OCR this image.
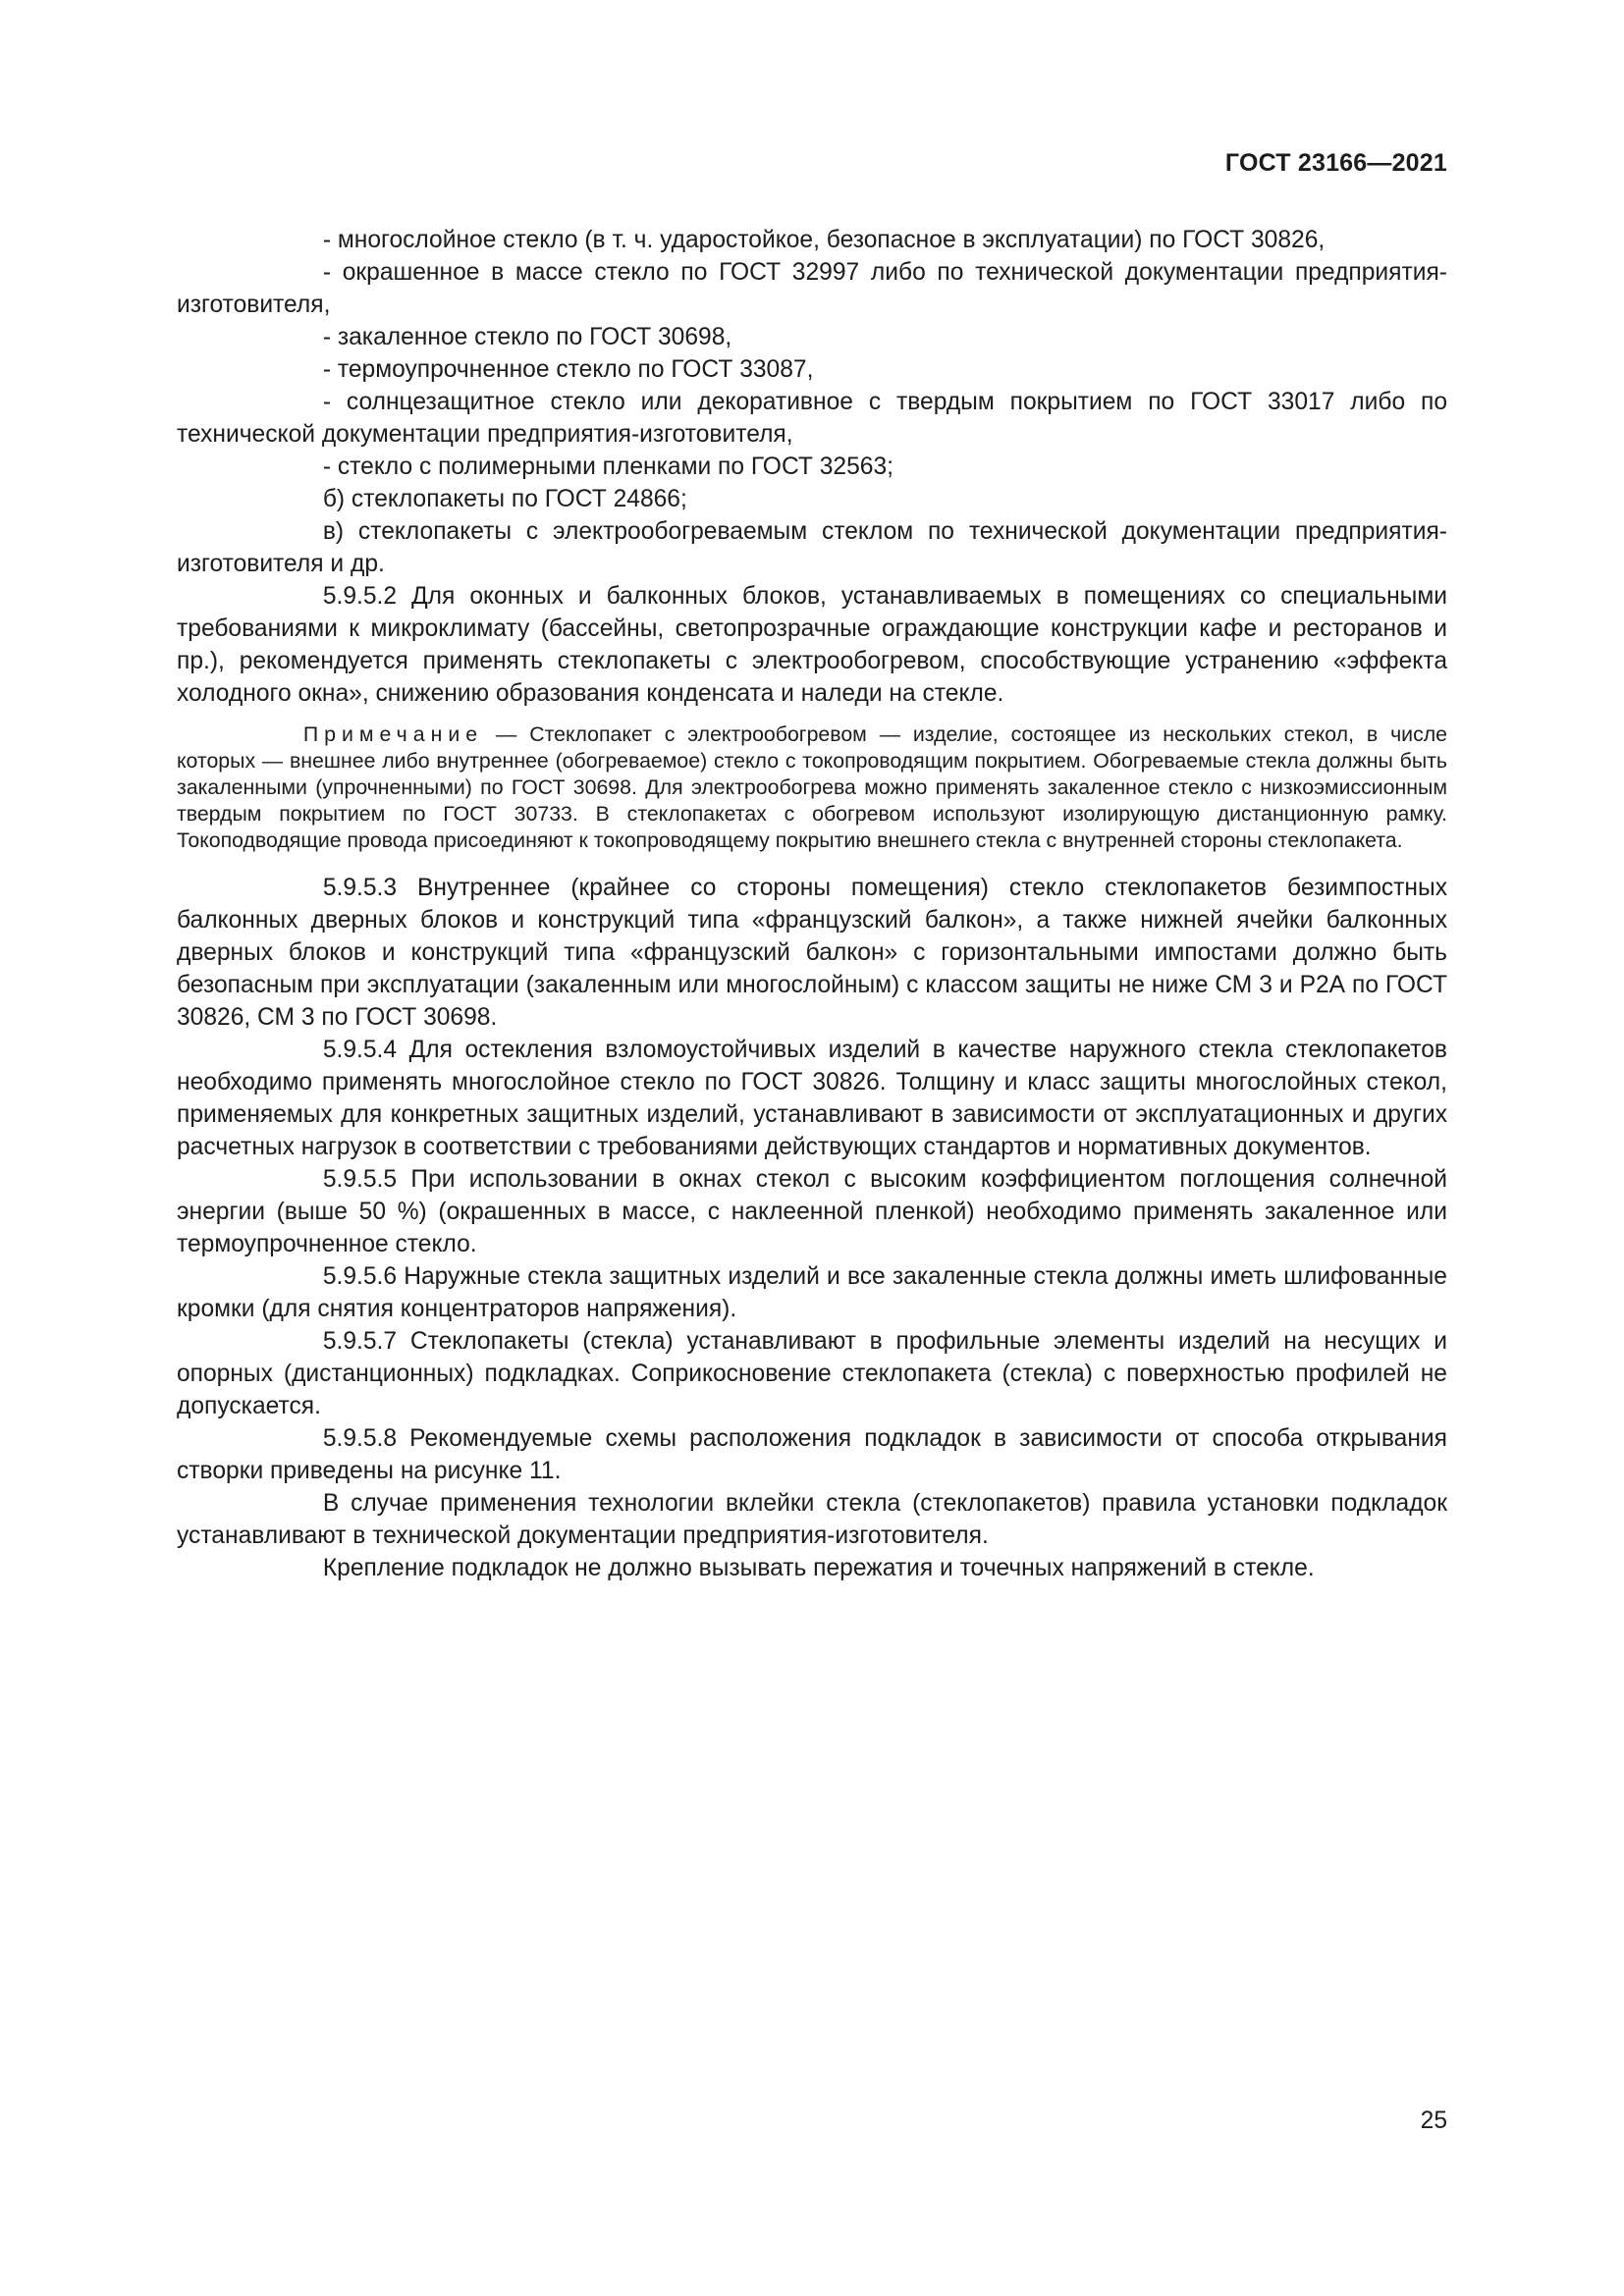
ГОСТ 23166—2021

- многослойное стекло (в т. ч. ударостойкое, безопасное в эксплуатации) по ГОСТ 30826,

- окрашенное в массе стекло по ГОСТ 32997 либо по технической документации предприятия-изготовителя,

- закаленное стекло по ГОСТ 30698,

- термоупрочненное стекло по ГОСТ 33087,

- солнцезащитное стекло или декоративное с твердым покрытием по ГОСТ 33017 либо по технической документации предприятия-изготовителя,

- стекло с полимерными пленками по ГОСТ 32563;

б) стеклопакеты по ГОСТ 24866;

в) стеклопакеты с электрообогреваемым стеклом по технической документации предприятия-изготовителя и др.

5.9.5.2 Для оконных и балконных блоков, устанавливаемых в помещениях со специальными требованиями к микроклимату (бассейны, светопрозрачные ограждающие конструкции кафе и ресторанов и пр.), рекомендуется применять стеклопакеты с электрообогревом, способствующие устранению «эффекта холодного окна», снижению образования конденсата и наледи на стекле.

Примечание — Стеклопакет с электрообогревом — изделие, состоящее из нескольких стекол, в числе которых — внешнее либо внутреннее (обогреваемое) стекло с токопроводящим покрытием. Обогреваемые стекла должны быть закаленными (упрочненными) по ГОСТ 30698. Для электрообогрева можно применять закаленное стекло с низкоэмиссионным твердым покрытием по ГОСТ 30733. В стеклопакетах с обогревом используют изолирующую дистанционную рамку. Токоподводящие провода присоединяют к токопроводящему покрытию внешнего стекла с внутренней стороны стеклопакета.

5.9.5.3 Внутреннее (крайнее со стороны помещения) стекло стеклопакетов безимпостных балконных дверных блоков и конструкций типа «французский балкон», а также нижней ячейки балконных дверных блоков и конструкций типа «французский балкон» с горизонтальными импостами должно быть безопасным при эксплуатации (закаленным или многослойным) с классом защиты не ниже СМ 3 и Р2А по ГОСТ 30826, СМ 3 по ГОСТ 30698.

5.9.5.4 Для остекления взломоустойчивых изделий в качестве наружного стекла стеклопакетов необходимо применять многослойное стекло по ГОСТ 30826. Толщину и класс защиты многослойных стекол, применяемых для конкретных защитных изделий, устанавливают в зависимости от эксплуатационных и других расчетных нагрузок в соответствии с требованиями действующих стандартов и нормативных документов.

5.9.5.5 При использовании в окнах стекол с высоким коэффициентом поглощения солнечной энергии (выше 50 %) (окрашенных в массе, с наклеенной пленкой) необходимо применять закаленное или термоупрочненное стекло.

5.9.5.6 Наружные стекла защитных изделий и все закаленные стекла должны иметь шлифованные кромки (для снятия концентраторов напряжения).

5.9.5.7 Стеклопакеты (стекла) устанавливают в профильные элементы изделий на несущих и опорных (дистанционных) подкладках. Соприкосновение стеклопакета (стекла) с поверхностью профилей не допускается.

5.9.5.8 Рекомендуемые схемы расположения подкладок в зависимости от способа открывания створки приведены на рисунке 11.

В случае применения технологии вклейки стекла (стеклопакетов) правила установки подкладок устанавливают в технической документации предприятия-изготовителя.

Крепление подкладок не должно вызывать пережатия и точечных напряжений в стекле.

25
